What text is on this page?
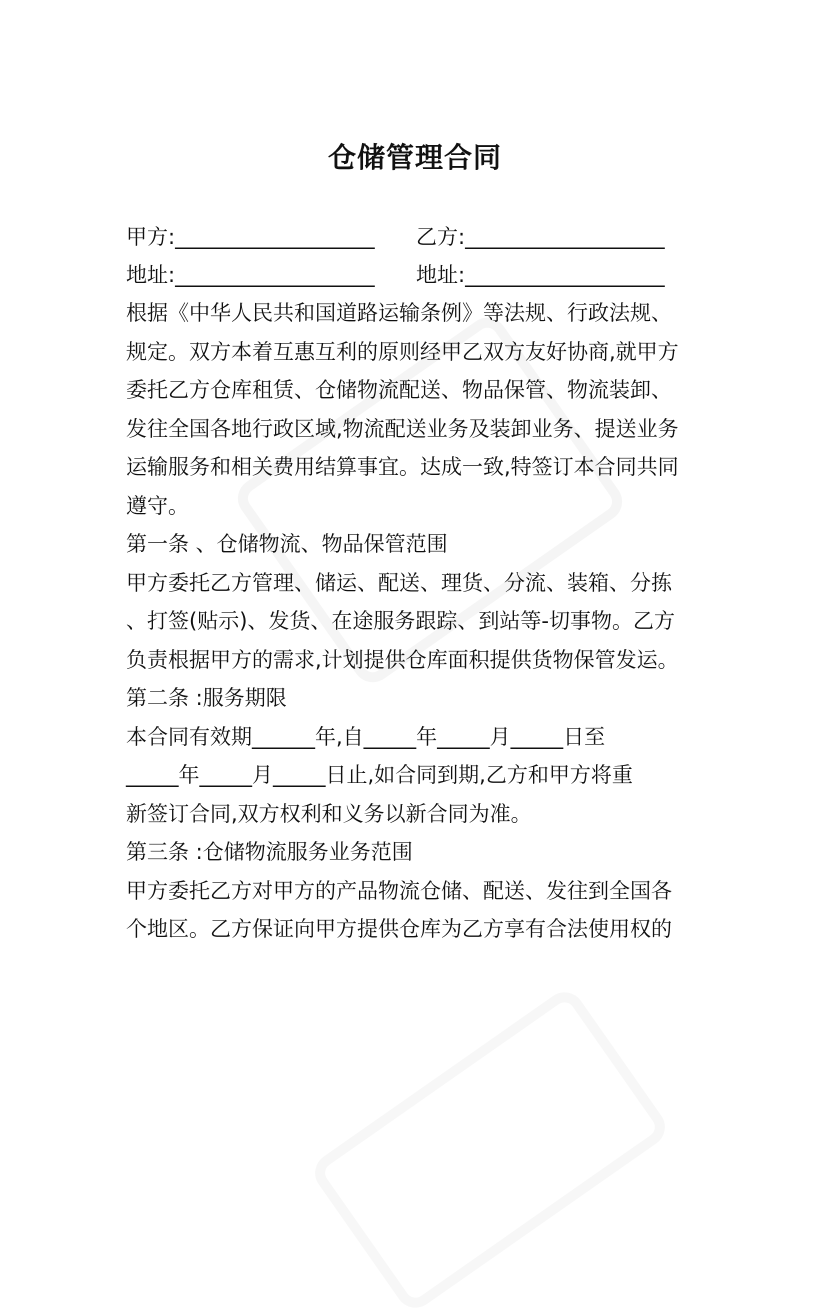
仓储管理合同
甲方:___________________	乙方:___________________
地址:___________________	地址:___________________
根据《中华人民共和国道路运输条例》等法规、行政法规、
规定。双方本着互惠互利的原则经甲乙双方友好协商,就甲方
委托乙方仓库租赁、仓储物流配送、物品保管、物流装卸、
发往全国各地行政区域,物流配送业务及装卸业务、提送业务
运输服务和相关费用结算事宜。达成一致,特签订本合同共同
遵守。
第一条 、仓储物流、物品保管范围
甲方委托乙方管理、储运、配送、理货、分流、装箱、分拣
、打签(贴示)、发货、在途服务跟踪、到站等-切事物。乙方
负责根据甲方的需求,计划提供仓库面积提供货物保管发运。
第二条 :服务期限
本合同有效期______年,自_____年_____月_____日至
_____年_____月_____日止,如合同到期,乙方和甲方将重
新签订合同,双方权利和义务以新合同为准。
第三条 :仓储物流服务业务范围
甲方委托乙方对甲方的产品物流仓储、配送、发往到全国各
个地区。乙方保证向甲方提供仓库为乙方享有合法使用权的
